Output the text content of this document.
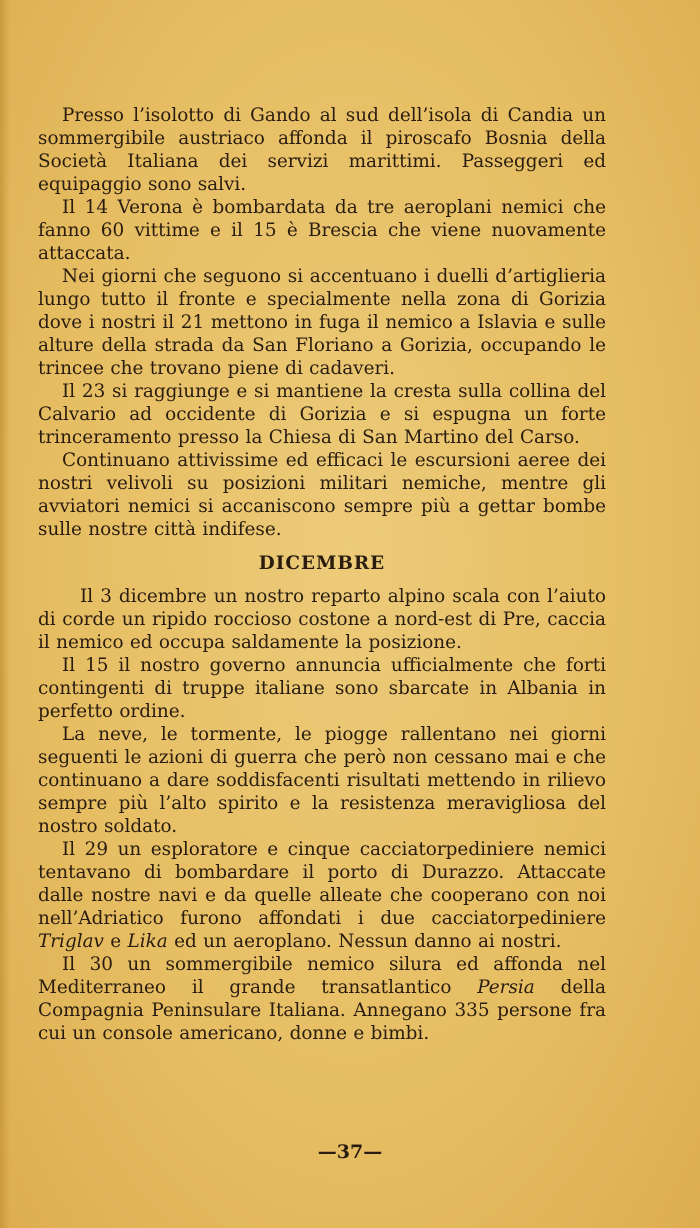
Presso l’isolotto di Gando al sud dell’isola di Candia un sommergibile austriaco affonda il piroscafo Bosnia della Società Italiana dei servizi marittimi. Passeggeri ed equipaggio sono salvi.

Il 14 Verona è bombardata da tre aeroplani nemici che fanno 60 vittime e il 15 è Brescia che viene nuovamente attaccata.

Nei giorni che seguono si accentuano i duelli d’artiglieria lungo tutto il fronte e specialmente nella zona di Gorizia dove i nostri il 21 mettono in fuga il nemico a Islavia e sulle alture della strada da San Floriano a Gorizia, occupando le trincee che trovano piene di cadaveri.

Il 23 si raggiunge e si mantiene la cresta sulla collina del Calvario ad occidente di Gorizia e si espugna un forte trinceramento presso la Chiesa di San Martino del Carso.

Continuano attivissime ed efficaci le escursioni aeree dei nostri velivoli su posizioni militari nemiche, mentre gli avviatori nemici si accaniscono sempre più a gettar bombe sulle nostre città indifese.

DICEMBRE

Il 3 dicembre un nostro reparto alpino scala con l’aiuto di corde un ripido roccioso costone a nord-est di Pre, caccia il nemico ed occupa saldamente la posizione.

Il 15 il nostro governo annuncia ufficialmente che forti contingenti di truppe italiane sono sbarcate in Albania in perfetto ordine.

La neve, le tormente, le piogge rallentano nei giorni seguenti le azioni di guerra che però non cessano mai e che continuano a dare soddisfacenti risultati mettendo in rilievo sempre più l’alto spirito e la resistenza meravigliosa del nostro soldato.

Il 29 un esploratore e cinque cacciatorpediniere nemici tentavano di bombardare il porto di Durazzo. Attaccate dalle nostre navi e da quelle alleate che cooperano con noi nell’Adriatico furono affondati i due cacciatorpediniere Triglav e Lika ed un aeroplano. Nessun danno ai nostri.

Il 30 un sommergibile nemico silura ed affonda nel Mediterraneo il grande transatlantico Persia della Compagnia Peninsulare Italiana. Annegano 335 persone fra cui un console americano, donne e bimbi.

—37—
